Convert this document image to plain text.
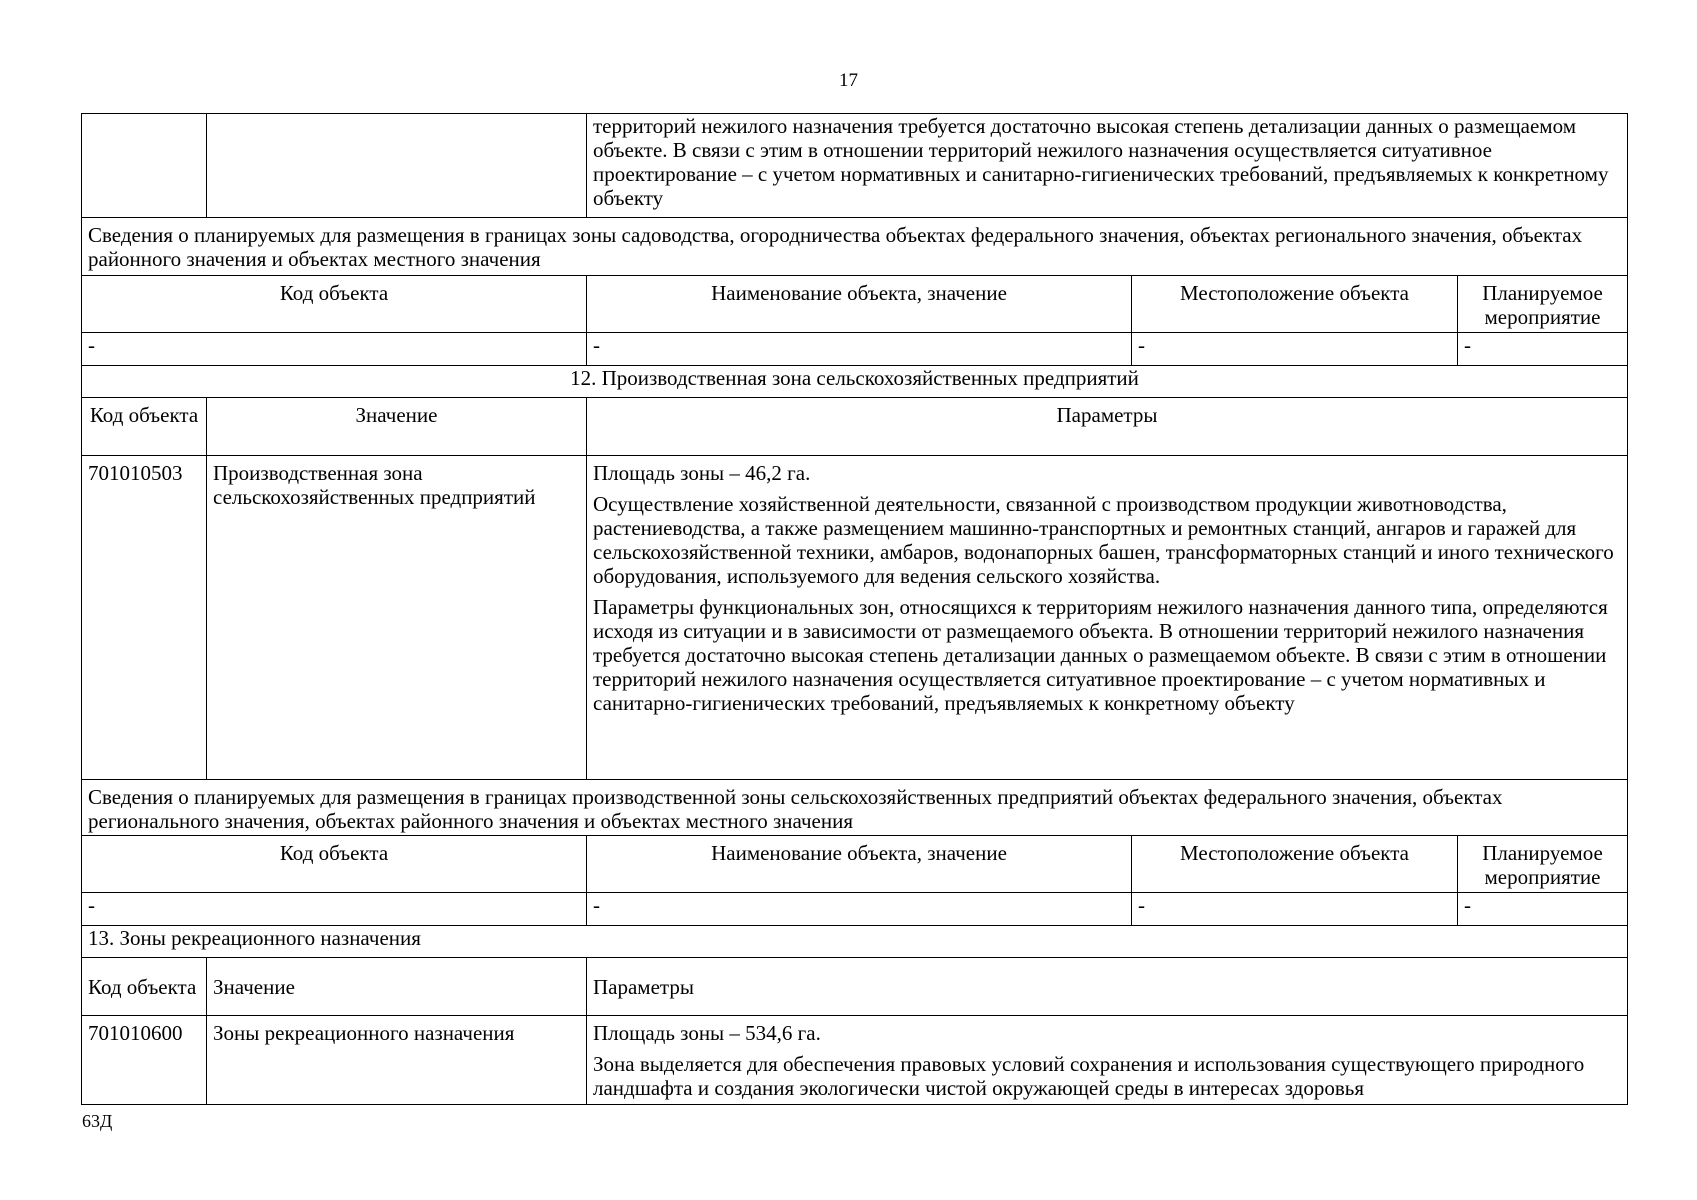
17

		территорий нежилого назначения требуется достаточно высокая степень детализации данных о размещаемом объекте. В связи с этим в отношении территорий нежилого назначения осуществляется ситуативное проектирование – с учетом нормативных и санитарно-гигиенических требований, предъявляемых к конкретному объекту		

Сведения о планируемых для размещения в границах зоны садоводства, огородничества объектах федерального значения, объектах регионального значения, объектах районного значения и объектах местного значения				
Код объекта		Наименование объекта, значение	Местоположение объекта	Планируемое мероприятие
-		-	-	-
12. Производственная зона сельскохозяйственных предприятий				
Код объекта	Значение	Параметры		
701010503	Производственная зона сельскохозяйственных предприятий	Площадь зоны – 46,2 га.

Осуществление хозяйственной деятельности, связанной с производством продукции животноводства, растениеводства, а также размещением машинно-транспортных и ремонтных станций, ангаров и гаражей для сельскохозяйственной техники, амбаров, водонапорных башен, трансформаторных станций и иного технического оборудования, используемого для ведения сельского хозяйства.

Параметры функциональных зон, относящихся к территориям нежилого назначения данного типа, определяются исходя из ситуации и в зависимости от размещаемого объекта. В отношении территорий нежилого назначения требуется достаточно высокая степень детализации данных о размещаемом объекте. В связи с этим в отношении территорий нежилого назначения осуществляется ситуативное проектирование – с учетом нормативных и санитарно-гигиенических требований, предъявляемых к конкретному объекту		

Сведения о планируемых для размещения в границах производственной зоны сельскохозяйственных предприятий объектах федерального значения, объектах регионального значения, объектах районного значения и объектах местного значения				
Код объекта		Наименование объекта, значение	Местоположение объекта	Планируемое мероприятие
-		-	-	-
13. Зоны рекреационного назначения				
Код объекта	Значение	Параметры		
701010600	Зоны рекреационного назначения	Площадь зоны – 534,6 га.

Зона выделяется для обеспечения правовых условий сохранения и использования существующего природного ландшафта и создания экологически чистой окружающей среды в интересах здоровья		

63Д
